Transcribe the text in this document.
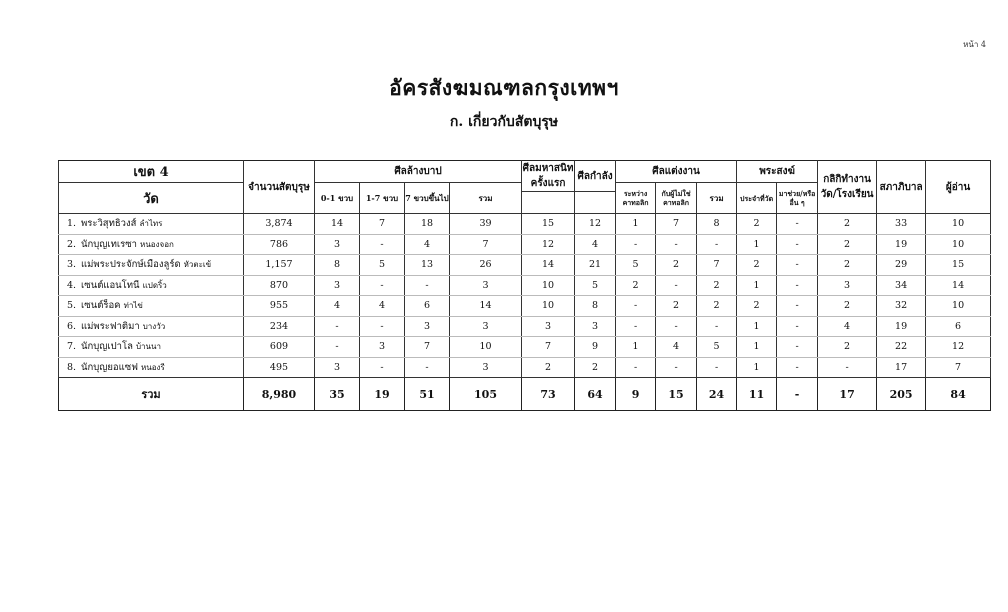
หน้า 4
อัครสังฆมณฑลกรุงเทพฯ
ก. เกี่ยวกับสัตบุรุษ
เขต 4	จำนวนสัตบุรุษ	ศีลล้างบาป				ศีลมหาสนิทครั้งแรก	ศีลกำลัง	ศีลแต่งงาน			พระสงฆ์		กลิกิทำงานวัด/โรงเรียน	สภาภิบาล	ผู้อ่าน
วัด		0-1 ขวบ	1-7 ขวบ	7 ขวบขึ้นไป	รวม			ระหว่างคาทอลิก	กับผู้ไม่ใช่คาทอลิก	รวม	ประจำที่วัด	มาช่วย/หรืออื่น ๆ			

1. พระวิสุทธิวงส์ ลำไทร	3,874	14	7	18	39	15	12	1	7	8	2	-	2	33	10
2. นักบุญเทเรซา หนองจอก	786	3	-	4	7	12	4	-	-	-	1	-	2	19	10
3. แม่พระประจักษ์เมืองลูร์ด หัวตะเข้	1,157	8	5	13	26	14	21	5	2	7	2	-	2	29	15
4. เซนต์แอนโทนี แปดริ้ว	870	3	-	-	3	10	5	2	-	2	1	-	3	34	14
5. เซนต์ร็อค ท่าไข่	955	4	4	6	14	10	8	-	2	2	2	-	2	32	10
6. แม่พระฟาติมา บางวัว	234	-	-	3	3	3	3	-	-	-	1	-	4	19	6
7. นักบุญเปาโล บ้านนา	609	-	3	7	10	7	9	1	4	5	1	-	2	22	12
8. นักบุญยอแซฟ หนองรี	495	3	-	-	3	2	2	-	-	-	1	-	-	17	7
รวม	8,980	35	19	51	105	73	64	9	15	24	11	-	17	205	84
